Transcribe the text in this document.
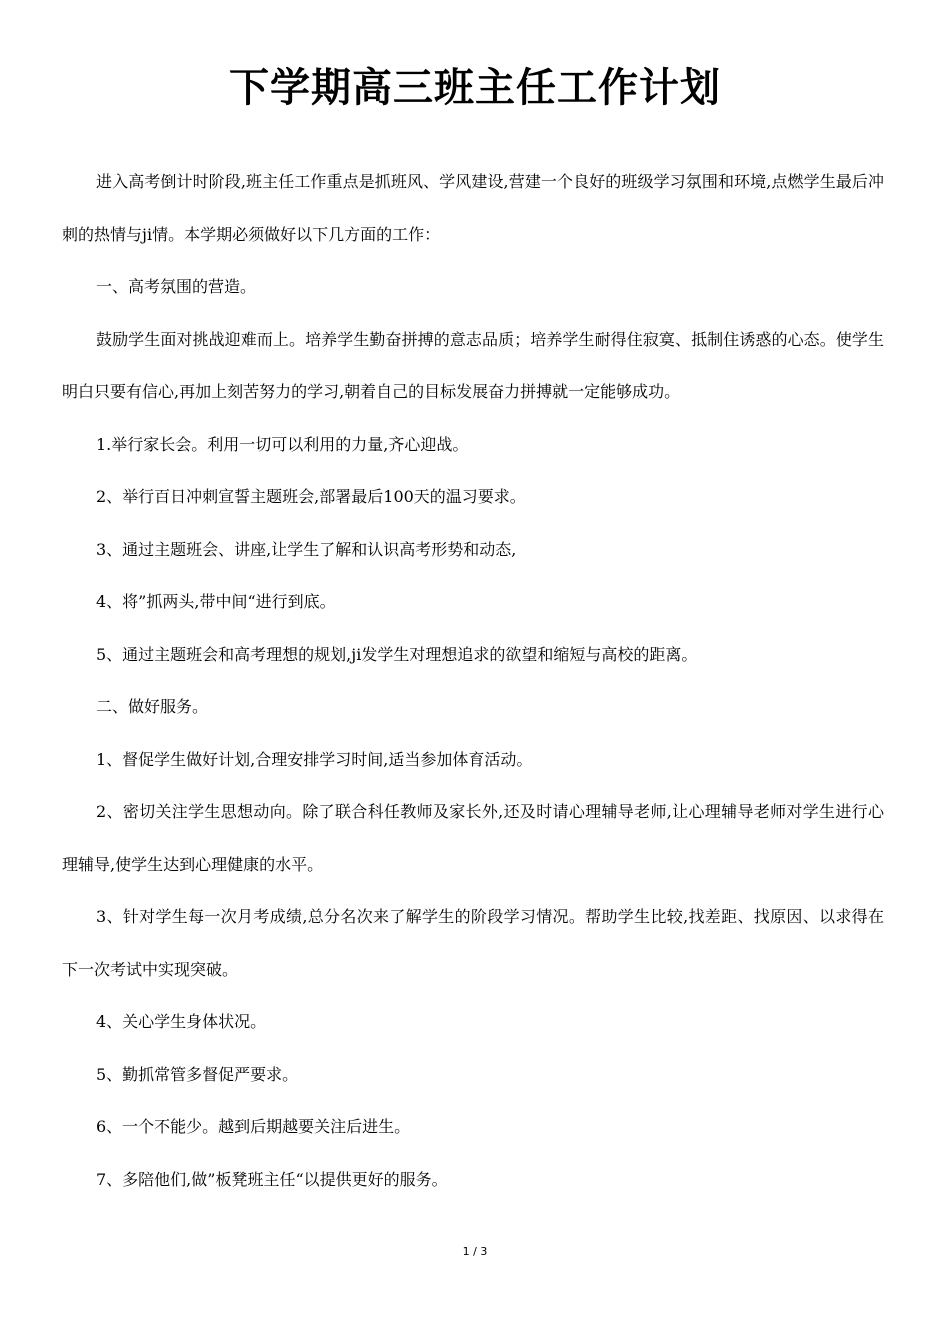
下学期高三班主任工作计划

进入高考倒计时阶段,班主任工作重点是抓班风、学风建设,营建一个良好的班级学习氛围和环境,点燃学生最后冲刺的热情与ji情。本学期必须做好以下几方面的工作：

一、高考氛围的营造。

鼓励学生面对挑战迎难而上。培养学生勤奋拼搏的意志品质；培养学生耐得住寂寞、抵制住诱惑的心态。使学生明白只要有信心,再加上刻苦努力的学习,朝着自己的目标发展奋力拼搏就一定能够成功。

1.举行家长会。利用一切可以利用的力量,齐心迎战。

2、举行百日冲刺宣誓主题班会,部署最后100天的温习要求。

3、通过主题班会、讲座,让学生了解和认识高考形势和动态,

4、将”抓两头,带中间“进行到底。

5、通过主题班会和高考理想的规划,ji发学生对理想追求的欲望和缩短与高校的距离。

二、做好服务。

1、督促学生做好计划,合理安排学习时间,适当参加体育活动。

2、密切关注学生思想动向。除了联合科任教师及家长外,还及时请心理辅导老师,让心理辅导老师对学生进行心理辅导,使学生达到心理健康的水平。

3、针对学生每一次月考成绩,总分名次来了解学生的阶段学习情况。帮助学生比较,找差距、找原因、以求得在下一次考试中实现突破。

4、关心学生身体状况。

5、勤抓常管多督促严要求。

6、一个不能少。越到后期越要关注后进生。

7、多陪他们,做”板凳班主任“以提供更好的服务。

1 / 3
